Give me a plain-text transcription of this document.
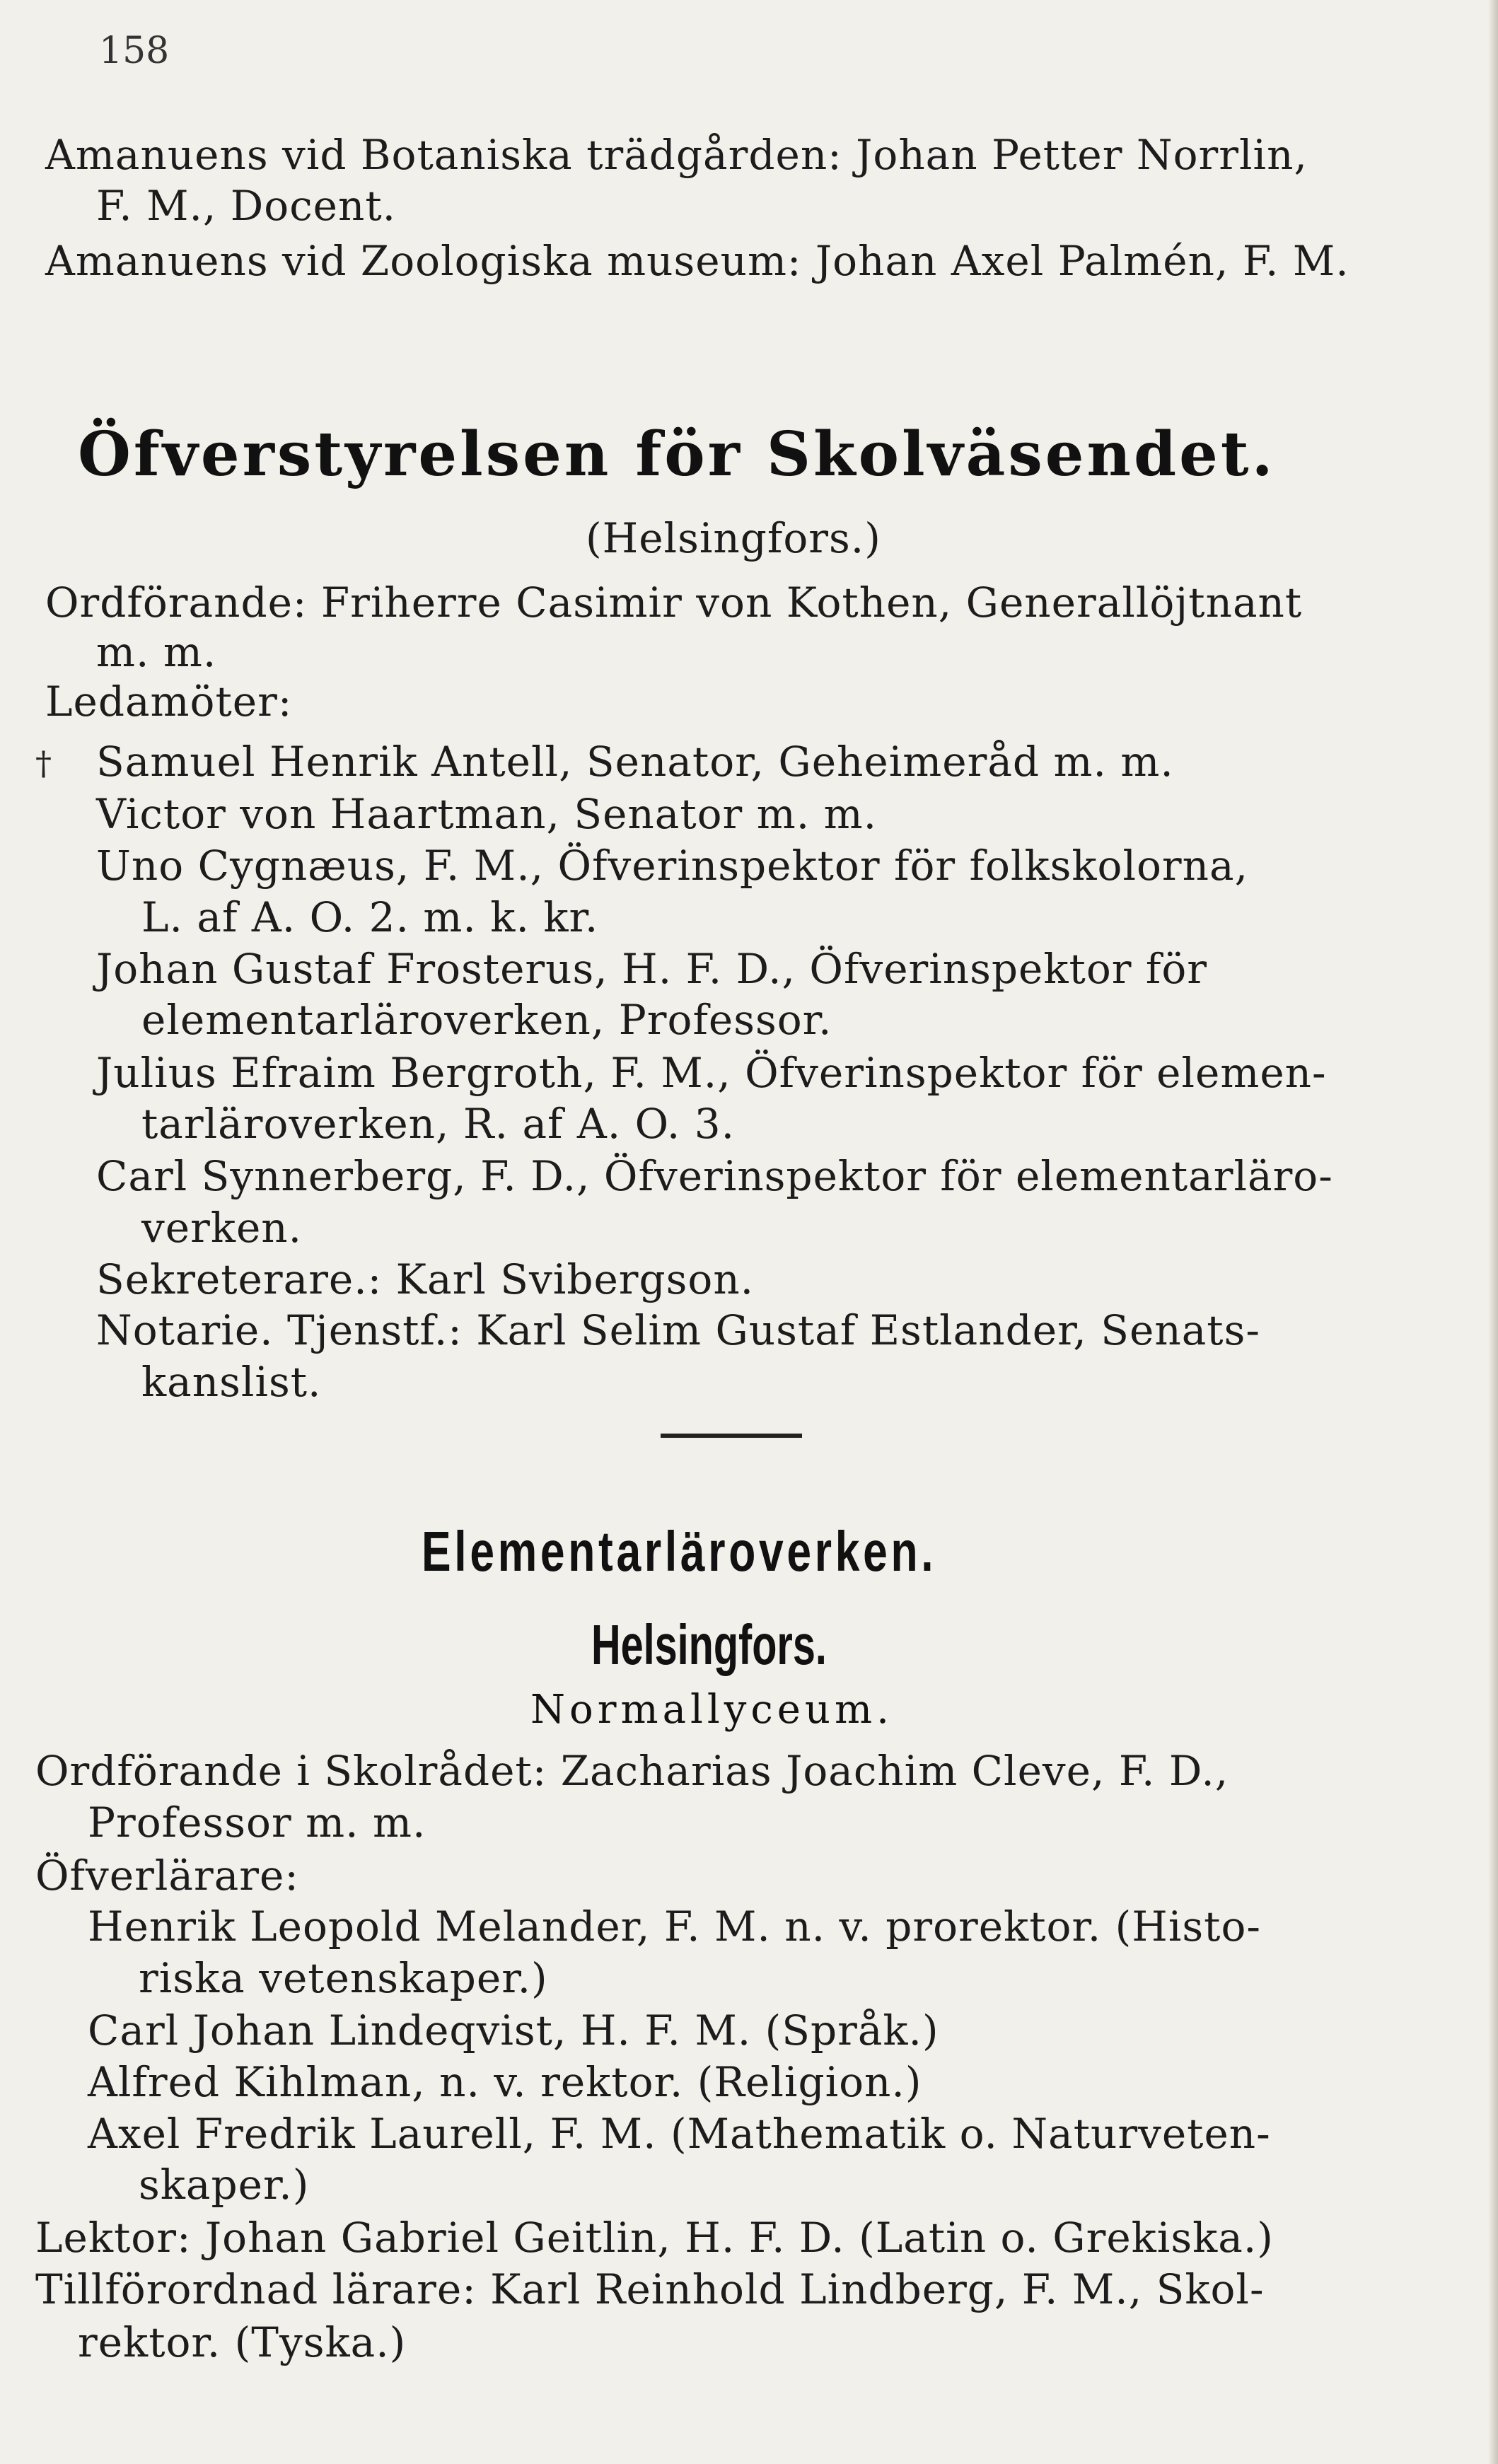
158
Amanuens vid Botaniska trädgården: Johan Petter Norrlin,
F. M., Docent.
Amanuens vid Zoologiska museum: Johan Axel Palmén, F. M.
Öfverstyrelsen för Skolväsendet.
(Helsingfors.)
Ordförande: Friherre Casimir von Kothen, Generallöjtnant
m. m.
Ledamöter:
† Samuel Henrik Antell, Senator, Geheimeråd m. m.
Victor von Haartman, Senator m. m.
Uno Cygnæus, F. M., Öfverinspektor för folkskolorna,
L. af A. O. 2. m. k. kr.
Johan Gustaf Frosterus, H. F. D., Öfverinspektor för
elementarläroverken, Professor.
Julius Efraim Bergroth, F. M., Öfverinspektor för elemen-
tarläroverken, R. af A. O. 3.
Carl Synnerberg, F. D., Öfverinspektor för elementarläro-
verken.
Sekreterare.: Karl Svibergson.
Notarie. Tjenstf.: Karl Selim Gustaf Estlander, Senats-
kanslist.
Elementarläroverken.
Helsingfors.
Normallyceum.
Ordförande i Skolrådet: Zacharias Joachim Cleve, F. D.,
Professor m. m.
Öfverlärare:
Henrik Leopold Melander, F. M. n. v. prorektor. (Histo-
riska vetenskaper.)
Carl Johan Lindeqvist, H. F. M. (Språk.)
Alfred Kihlman, n. v. rektor. (Religion.)
Axel Fredrik Laurell, F. M. (Mathematik o. Naturveten-
skaper.)
Lektor: Johan Gabriel Geitlin, H. F. D. (Latin o. Grekiska.)
Tillförordnad lärare: Karl Reinhold Lindberg, F. M., Skol-
rektor. (Tyska.)
